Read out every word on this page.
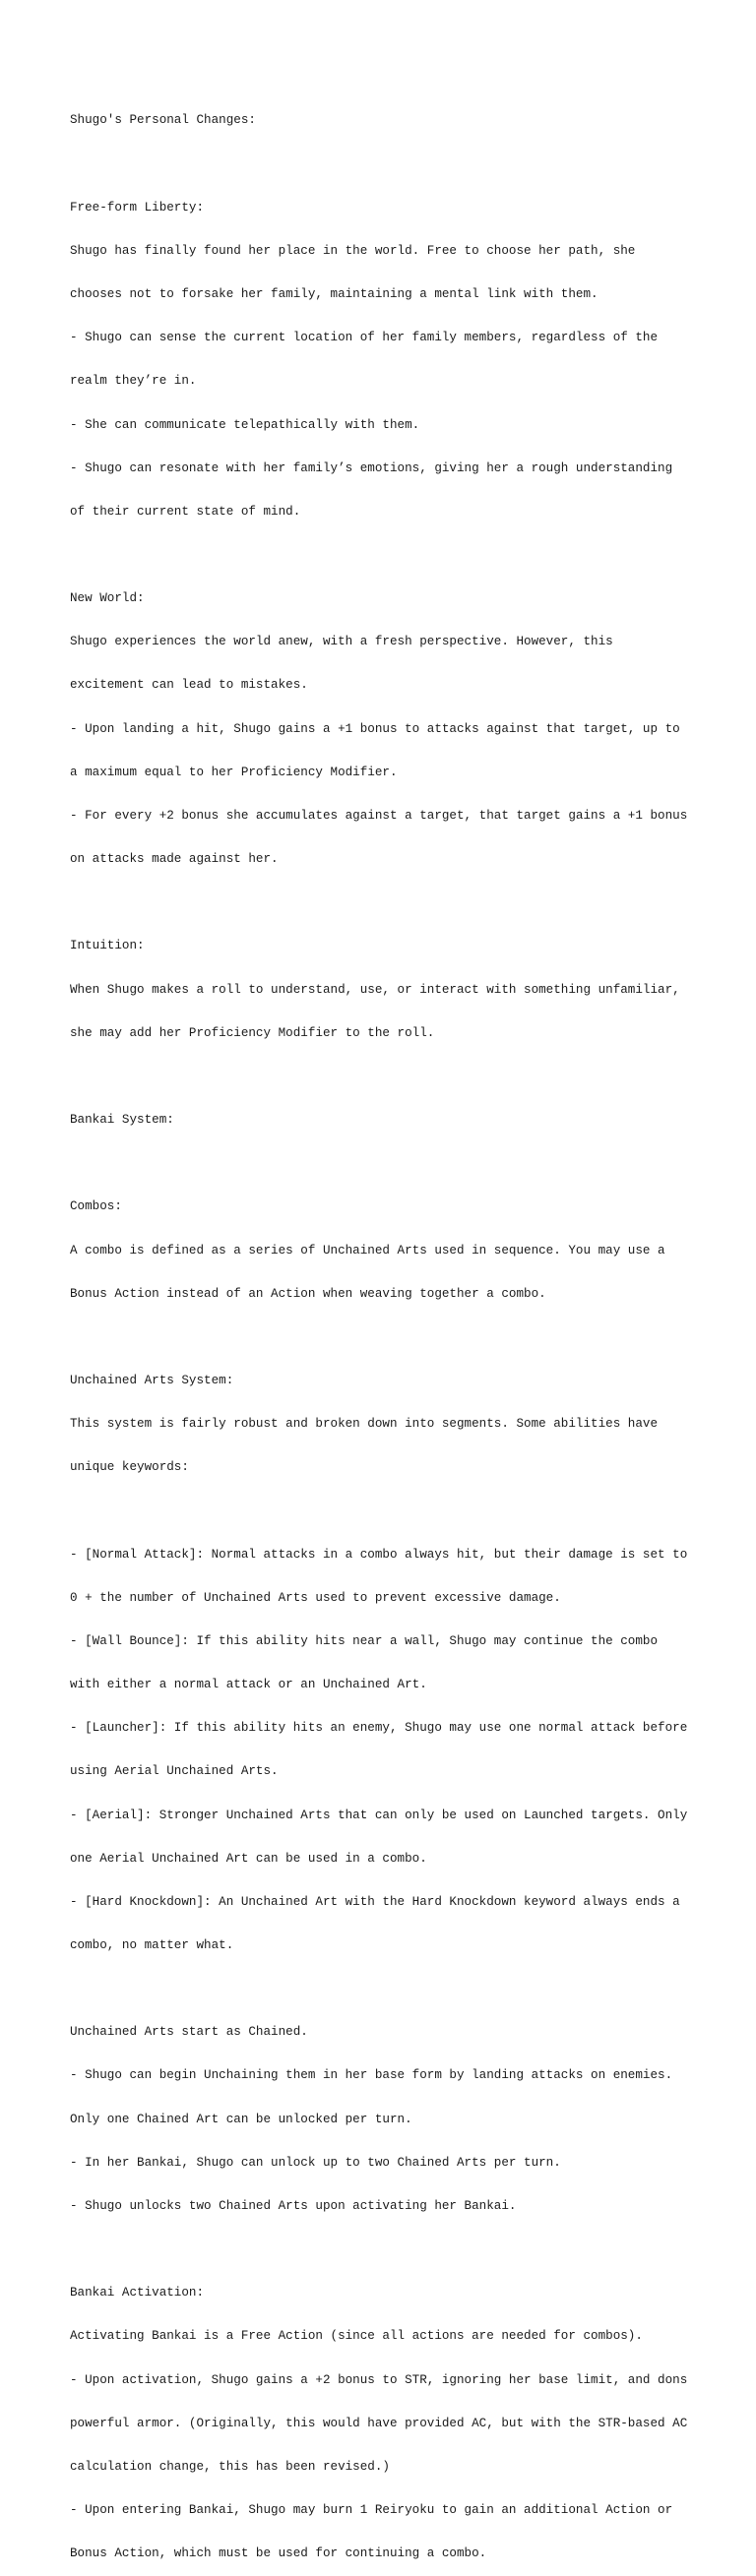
Shugo's Personal Changes:

Free-form Liberty:

Shugo has finally found her place in the world. Free to choose her path, she

chooses not to forsake her family, maintaining a mental link with them.

- Shugo can sense the current location of her family members, regardless of the

realm they’re in.

- She can communicate telepathically with them.

- Shugo can resonate with her family’s emotions, giving her a rough understanding

of their current state of mind.

New World:

Shugo experiences the world anew, with a fresh perspective. However, this

excitement can lead to mistakes.

- Upon landing a hit, Shugo gains a +1 bonus to attacks against that target, up to

a maximum equal to her Proficiency Modifier.

- For every +2 bonus she accumulates against a target, that target gains a +1 bonus

on attacks made against her.

Intuition:

When Shugo makes a roll to understand, use, or interact with something unfamiliar,

she may add her Proficiency Modifier to the roll.

Bankai System:

Combos:

A combo is defined as a series of Unchained Arts used in sequence. You may use a

Bonus Action instead of an Action when weaving together a combo.

Unchained Arts System:

This system is fairly robust and broken down into segments. Some abilities have

unique keywords:

- [Normal Attack]: Normal attacks in a combo always hit, but their damage is set to

0 + the number of Unchained Arts used to prevent excessive damage.

- [Wall Bounce]: If this ability hits near a wall, Shugo may continue the combo

with either a normal attack or an Unchained Art.

- [Launcher]: If this ability hits an enemy, Shugo may use one normal attack before

using Aerial Unchained Arts.

- [Aerial]: Stronger Unchained Arts that can only be used on Launched targets. Only

one Aerial Unchained Art can be used in a combo.

- [Hard Knockdown]: An Unchained Art with the Hard Knockdown keyword always ends a

combo, no matter what.

Unchained Arts start as Chained.

- Shugo can begin Unchaining them in her base form by landing attacks on enemies.

Only one Chained Art can be unlocked per turn.

- In her Bankai, Shugo can unlock up to two Chained Arts per turn.

- Shugo unlocks two Chained Arts upon activating her Bankai.

Bankai Activation:

Activating Bankai is a Free Action (since all actions are needed for combos).

- Upon activation, Shugo gains a +2 bonus to STR, ignoring her base limit, and dons

powerful armor. (Originally, this would have provided AC, but with the STR-based AC

calculation change, this has been revised.)

- Upon entering Bankai, Shugo may burn 1 Reiryoku to gain an additional Action or

Bonus Action, which must be used for continuing a combo.
